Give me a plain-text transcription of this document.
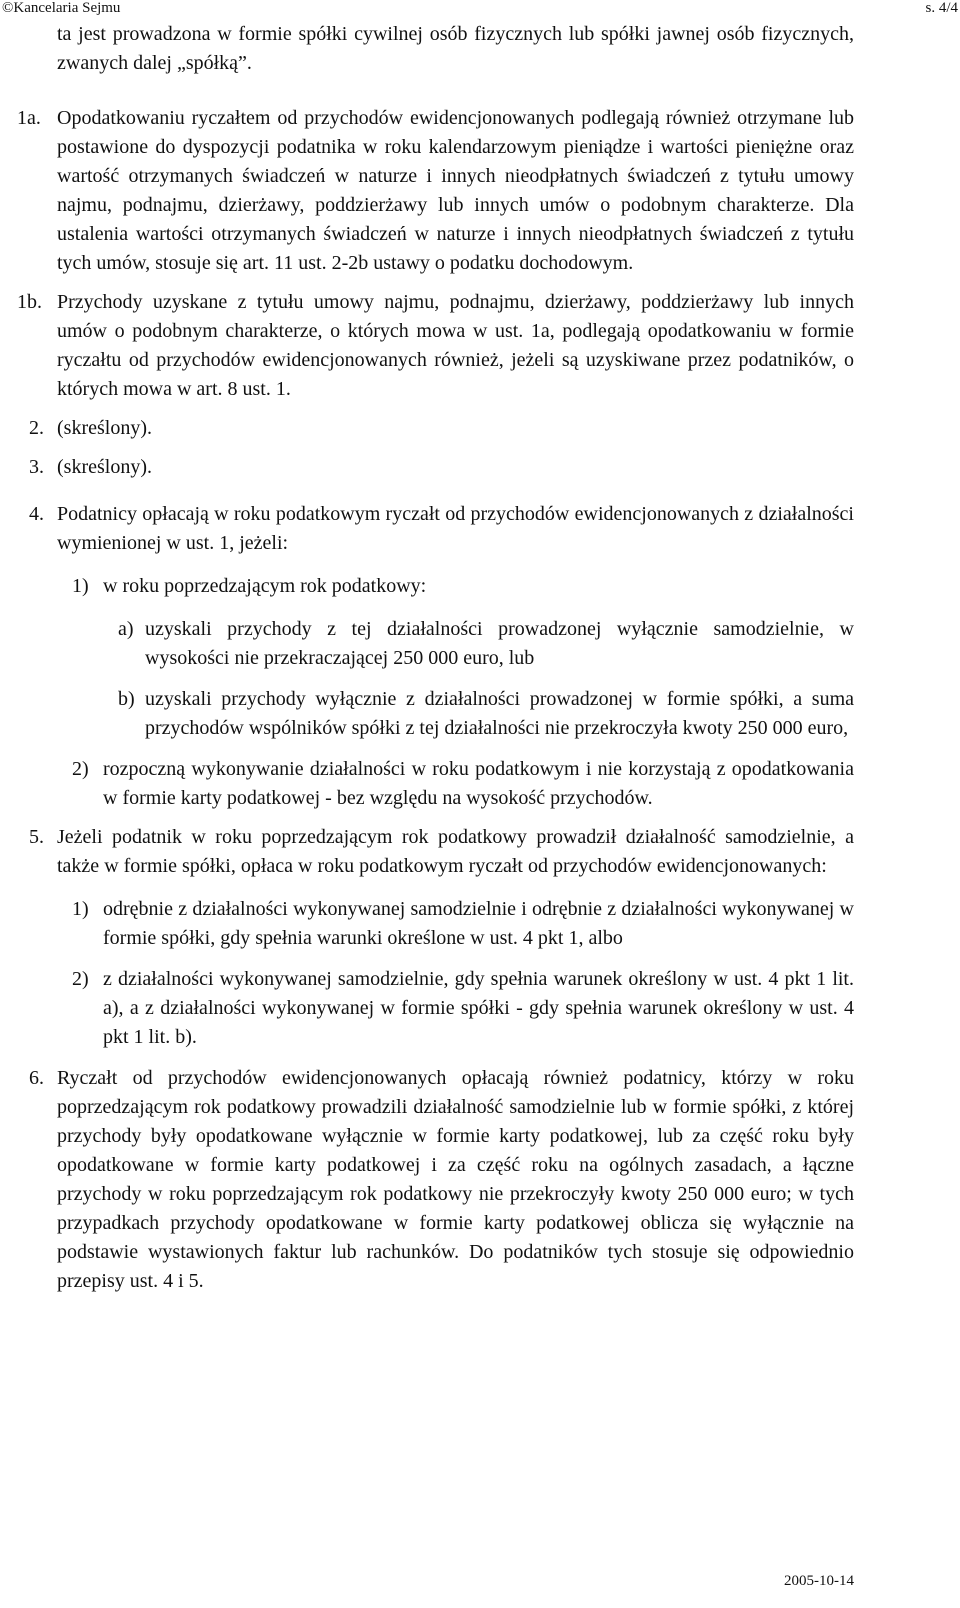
©Kancelaria Sejmu	s. 4/4
ta jest prowadzona w formie spółki cywilnej osób fizycznych lub spółki jawnej osób fizycznych, zwanych dalej „spółką”.
1a. Opodatkowaniu ryczałtem od przychodów ewidencjonowanych podlegają również otrzymane lub postawione do dyspozycji podatnika w roku kalendarzowym pieniądze i wartości pieniężne oraz wartość otrzymanych świadczeń w naturze i innych nieodpłatnych świadczeń z tytułu umowy najmu, podnajmu, dzierżawy, poddzierżawy lub innych umów o podobnym charakterze. Dla ustalenia wartości otrzymanych świadczeń w naturze i innych nieodpłatnych świadczeń z tytułu tych umów, stosuje się art. 11 ust. 2-2b ustawy o podatku dochodowym.
1b. Przychody uzyskane z tytułu umowy najmu, podnajmu, dzierżawy, poddzierżawy lub innych umów o podobnym charakterze, o których mowa w ust. 1a, podlegają opodatkowaniu w formie ryczałtu od przychodów ewidencjonowanych również, jeżeli są uzyskiwane przez podatników, o których mowa w art. 8 ust. 1.
2. (skreślony).
3. (skreślony).
4. Podatnicy opłacają w roku podatkowym ryczałt od przychodów ewidencjonowanych z działalności wymienionej w ust. 1, jeżeli:
1) w roku poprzedzającym rok podatkowy:
a) uzyskali przychody z tej działalności prowadzonej wyłącznie samodzielnie, w wysokości nie przekraczającej 250 000 euro, lub
b) uzyskali przychody wyłącznie z działalności prowadzonej w formie spółki, a suma przychodów wspólników spółki z tej działalności nie przekroczyła kwoty 250 000 euro,
2) rozpoczną wykonywanie działalności w roku podatkowym i nie korzystają z opodatkowania w formie karty podatkowej - bez względu na wysokość przychodów.
5. Jeżeli podatnik w roku poprzedzającym rok podatkowy prowadził działalność samodzielnie, a także w formie spółki, opłaca w roku podatkowym ryczałt od przychodów ewidencjonowanych:
1) odrębnie z działalności wykonywanej samodzielnie i odrębnie z działalności wykonywanej w formie spółki, gdy spełnia warunki określone w ust. 4 pkt 1, albo
2) z działalności wykonywanej samodzielnie, gdy spełnia warunek określony w ust. 4 pkt 1 lit. a), a z działalności wykonywanej w formie spółki - gdy spełnia warunek określony w ust. 4 pkt 1 lit. b).
6. Ryczałt od przychodów ewidencjonowanych opłacają również podatnicy, którzy w roku poprzedzającym rok podatkowy prowadzili działalność samodzielnie lub w formie spółki, z której przychody były opodatkowane wyłącznie w formie karty podatkowej, lub za część roku były opodatkowane w formie karty podatkowej i za część roku na ogólnych zasadach, a łączne przychody w roku poprzedzającym rok podatkowy nie przekroczyły kwoty 250 000 euro; w tych przypadkach przychody opodatkowane w formie karty podatkowej oblicza się wyłącznie na podstawie wystawionych faktur lub rachunków. Do podatników tych stosuje się odpowiednio przepisy ust. 4 i 5.
2005-10-14
